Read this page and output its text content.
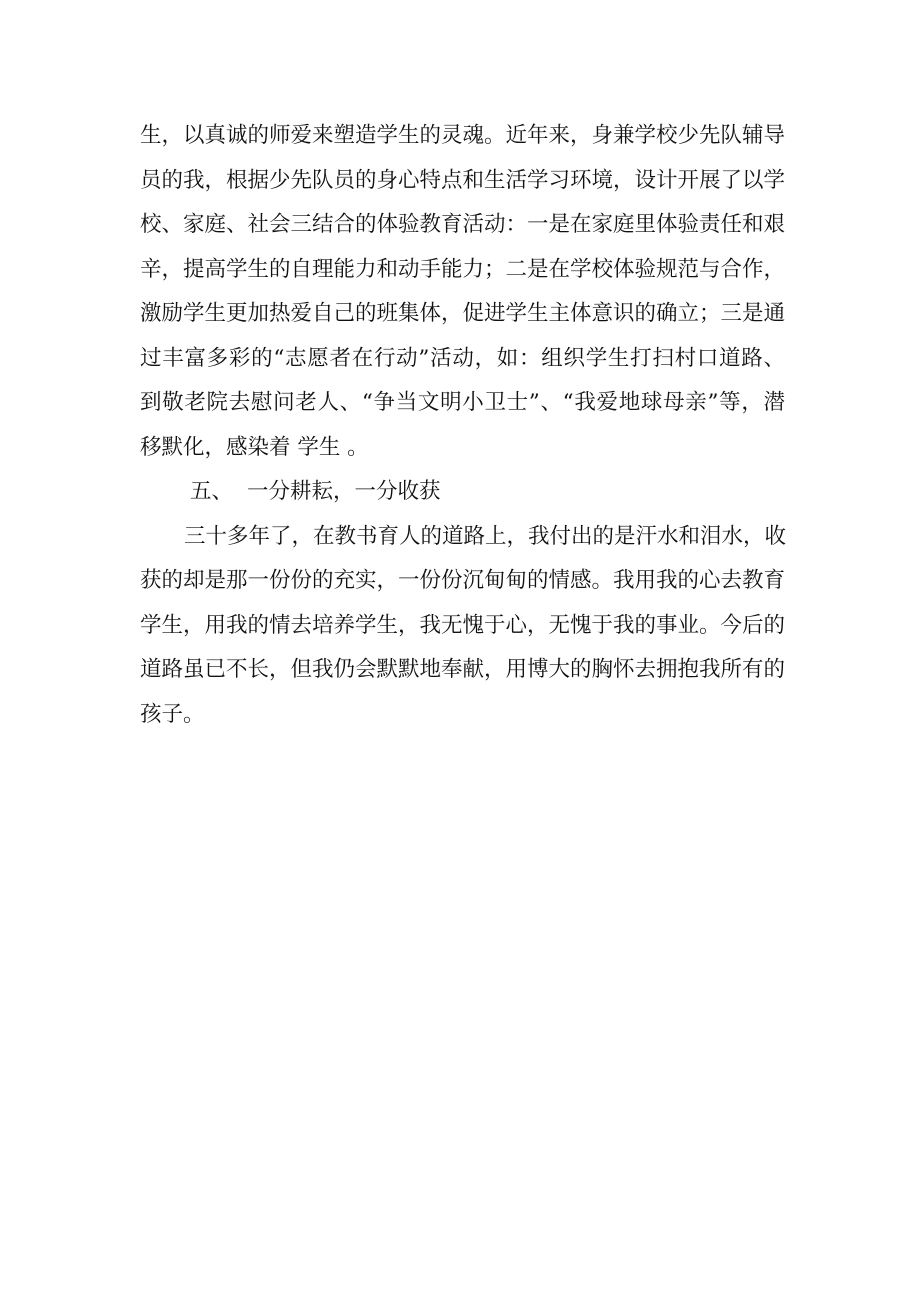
生，以真诚的师爱来塑造学生的灵魂。近年来，身兼学校少先队辅导
员的我，根据少先队员的身心特点和生活学习环境，设计开展了以学
校、家庭、社会三结合的体验教育活动：一是在家庭里体验责任和艰
辛，提高学生的自理能力和动手能力；二是在学校体验规范与合作，
激励学生更加热爱自己的班集体，促进学生主体意识的确立；三是通
过丰富多彩的“志愿者在行动”活动，如：组织学生打扫村口道路、
到敬老院去慰问老人、“争当文明小卫士”、“我爱地球母亲”等，潜
移默化，感染着 学生 。
五、 一分耕耘，一分收获
三十多年了，在教书育人的道路上，我付出的是汗水和泪水，收
获的却是那一份份的充实，一份份沉甸甸的情感。我用我的心去教育
学生，用我的情去培养学生，我无愧于心，无愧于我的事业。今后的
道路虽已不长，但我仍会默默地奉献，用博大的胸怀去拥抱我所有的
孩子。
